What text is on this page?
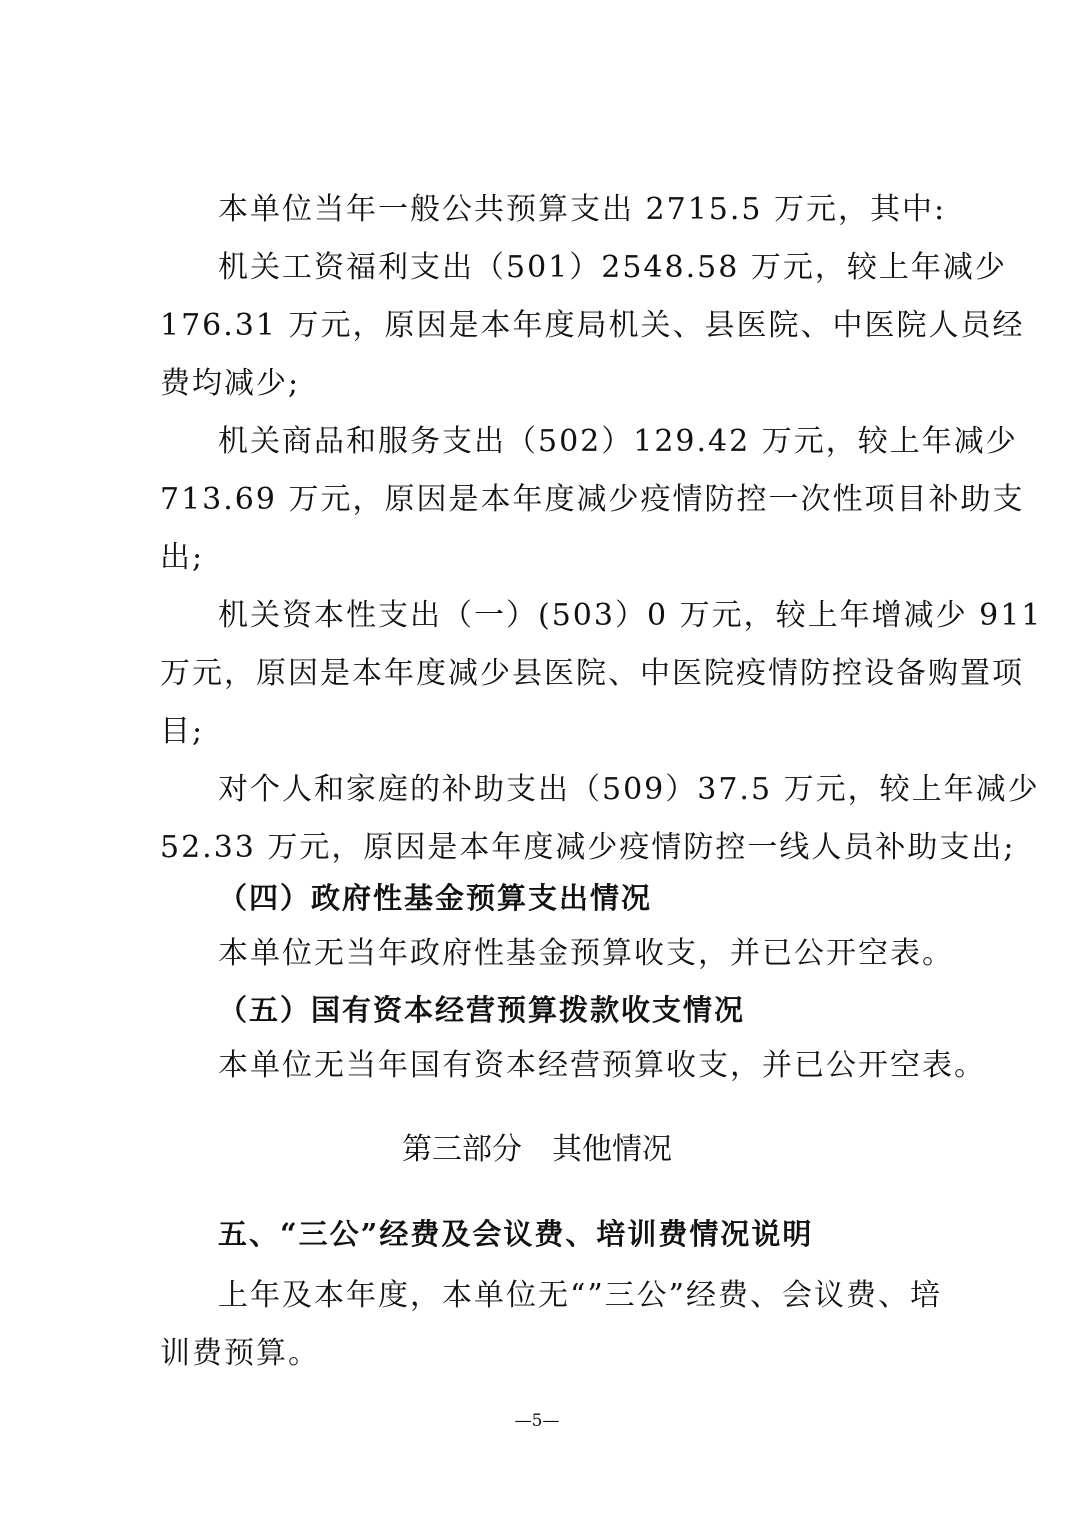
本单位当年一般公共预算支出 2715.5 万元，其中:
机关工资福利支出（501）2548.58 万元，较上年减少
176.31 万元，原因是本年度局机关、县医院、中医院人员经
费均减少;
机关商品和服务支出（502）129.42 万元，较上年减少
713.69 万元，原因是本年度减少疫情防控一次性项目补助支
出;
机关资本性支出（一）(503）0 万元，较上年增减少 911
万元，原因是本年度减少县医院、中医院疫情防控设备购置项
目;
对个人和家庭的补助支出（509）37.5 万元，较上年减少
52.33 万元，原因是本年度减少疫情防控一线人员补助支出;
（四）政府性基金预算支出情况
本单位无当年政府性基金预算收支，并已公开空表。
（五）国有资本经营预算拨款收支情况
本单位无当年国有资本经营预算收支，并已公开空表。
第三部分　其他情况
五、“三公”经费及会议费、培训费情况说明
上年及本年度，本单位无“”三公”经费、会议费、培
训费预算。
—5—
